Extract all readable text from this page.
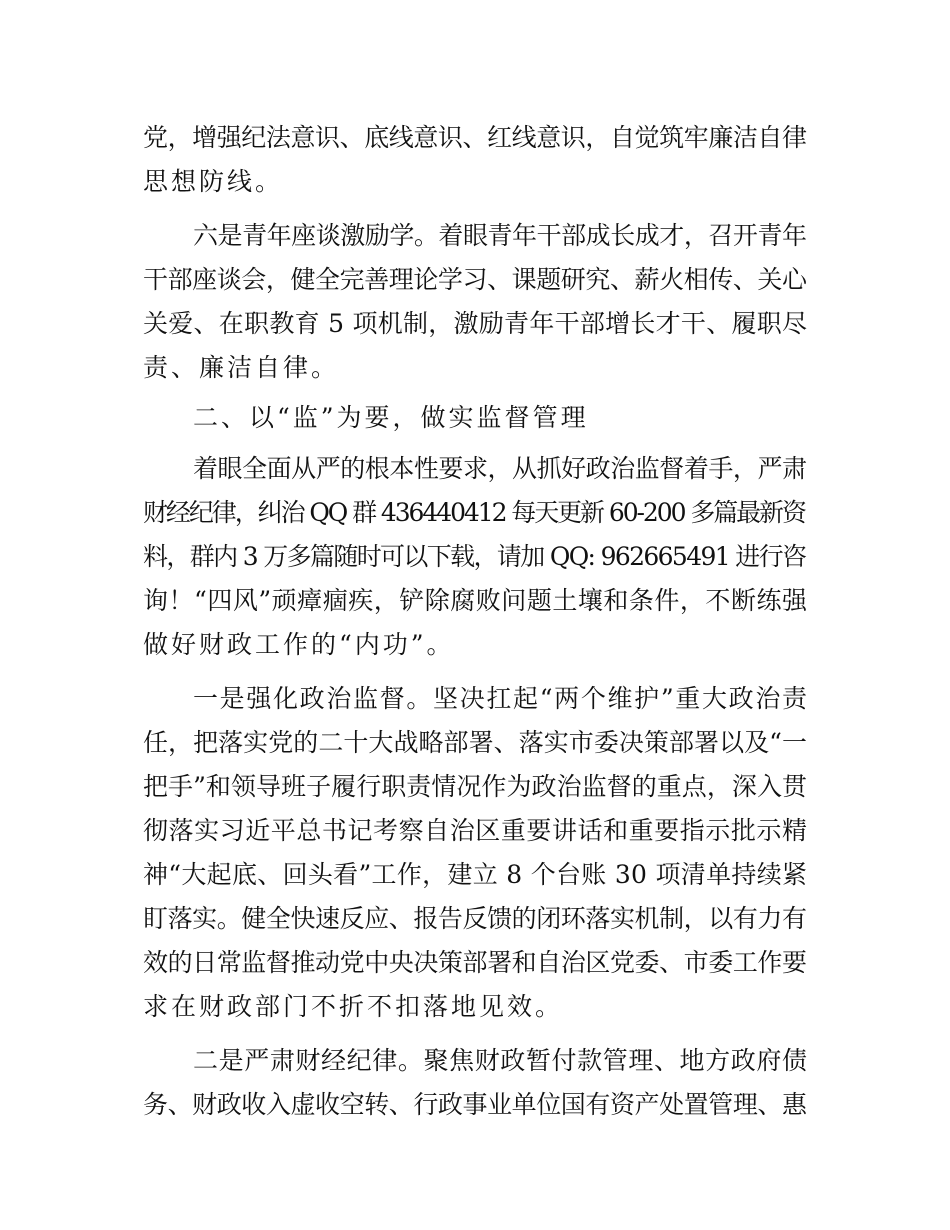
党，增强纪法意识、底线意识、红线意识，自觉筑牢廉洁自律

思想防线。

六是青年座谈激励学。着眼青年干部成长成才，召开青年

干部座谈会，健全完善理论学习、课题研究、薪火相传、关心

关爱、在职教育 5 项机制，激励青年干部增长才干、履职尽

责、廉洁自律。

二、以“监”为要，做实监督管理

着眼全面从严的根本性要求，从抓好政治监督着手，严肃

财经纪律，纠治 QQ 群 436440412 每天更新 60-200 多篇最新资

料，群内 3 万多篇随时可以下载，请加 QQ: 962665491 进行咨

询！“四风”顽瘴痼疾，铲除腐败问题土壤和条件，不断练强

做好财政工作的“内功”。

一是强化政治监督。坚决扛起“两个维护”重大政治责

任，把落实党的二十大战略部署、落实市委决策部署以及“一

把手”和领导班子履行职责情况作为政治监督的重点，深入贯

彻落实习近平总书记考察自治区重要讲话和重要指示批示精

神“大起底、回头看”工作，建立 8 个台账 30 项清单持续紧

盯落实。健全快速反应、报告反馈的闭环落实机制，以有力有

效的日常监督推动党中央决策部署和自治区党委、市委工作要

求在财政部门不折不扣落地见效。

二是严肃财经纪律。聚焦财政暂付款管理、地方政府债

务、财政收入虚收空转、行政事业单位国有资产处置管理、惠
